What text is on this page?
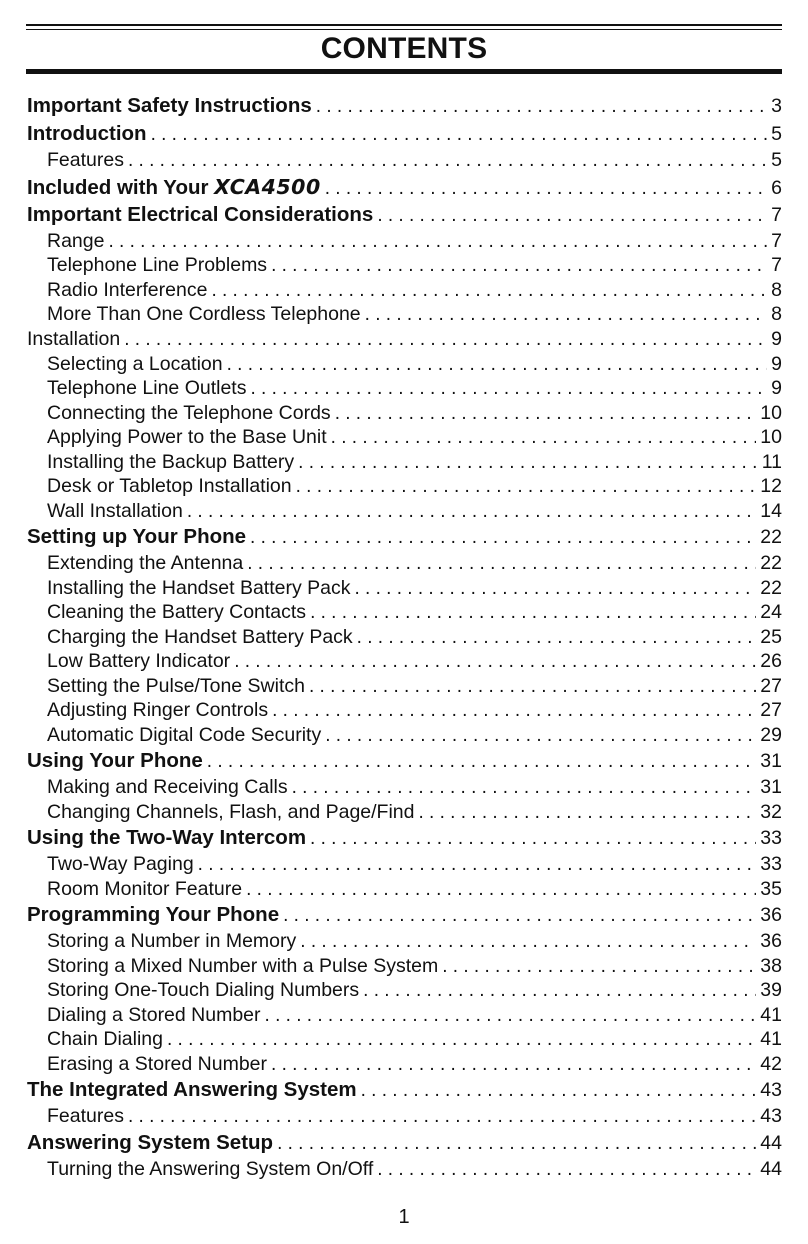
CONTENTS
Important Safety Instructions . . .	3
Introduction . . .	5
Features . . .	5
Included with Your XCA4500 . . .	6
Important Electrical Considerations . . .	7
Range . . .	7
Telephone Line Problems . . .	7
Radio Interference . . .	8
More Than One Cordless Telephone . . .	8
Installation . . .	9
Selecting a Location . . .	9
Telephone Line Outlets . . .	9
Connecting the Telephone Cords . . .	10
Applying Power to the Base Unit . . .	10
Installing the Backup Battery . . .	11
Desk or Tabletop Installation . . .	12
Wall Installation . . .	14
Setting up Your Phone . . .	22
Extending the Antenna . . .	22
Installing the Handset Battery Pack . . .	22
Cleaning the Battery Contacts . . .	24
Charging the Handset Battery Pack . . .	25
Low Battery Indicator . . .	26
Setting the Pulse/Tone Switch . . .	27
Adjusting Ringer Controls . . .	27
Automatic Digital Code Security . . .	29
Using Your Phone . . .	31
Making and Receiving Calls . . .	31
Changing Channels, Flash, and Page/Find . . .	32
Using the Two-Way Intercom . . .	33
Two-Way Paging . . .	33
Room Monitor Feature . . .	35
Programming Your Phone . . .	36
Storing a Number in Memory . . .	36
Storing a Mixed Number with a Pulse System . . .	38
Storing One-Touch Dialing Numbers . . .	39
Dialing a Stored Number . . .	41
Chain Dialing . . .	41
Erasing a Stored Number . . .	42
The Integrated Answering System . . .	43
Features . . .	43
Answering System Setup . . .	44
Turning the Answering System On/Off . . .	44
1
